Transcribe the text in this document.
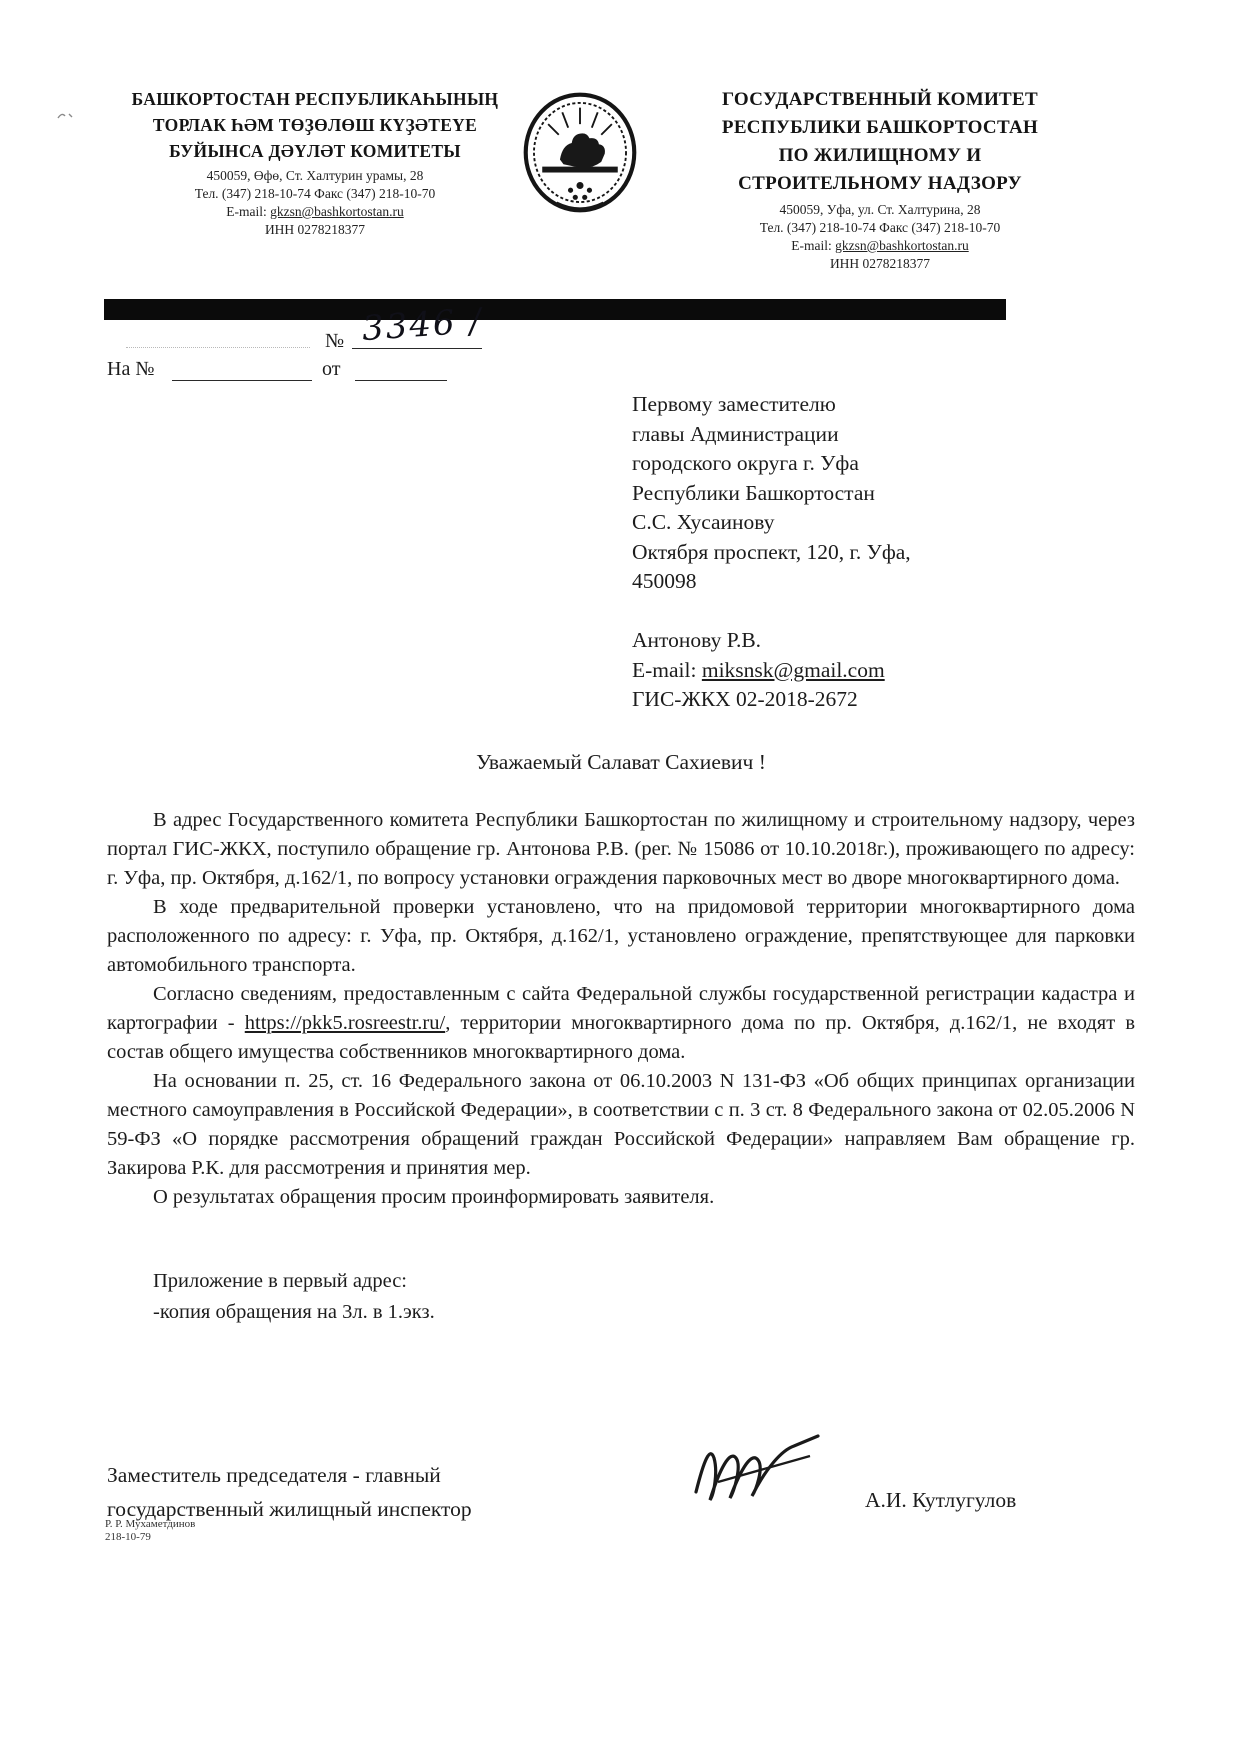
БАШКОРТОСТАН РЕСПУБЛИКАҺЫНЫҢ
ТОРЛАК ҺӘМ ТӨҘӨЛӨШ КҮҘӘТЕҮЕ
БУЙЫНСА ДӘҮЛӘТ КОМИТЕТЫ
450059, Өфө, Ст. Халтурин урамы, 28
Тел. (347) 218-10-74 Факс (347) 218-10-70
E-mail: gkzsn@bashkortostan.ru
ИНН 0278218377
ГОСУДАРСТВЕННЫЙ КОМИТЕТ
РЕСПУБЛИКИ БАШКОРТОСТАН
ПО ЖИЛИЩНОМУ И
СТРОИТЕЛЬНОМУ НАДЗОРУ
450059, Уфа, ул. Ст. Халтурина, 28
Тел. (347) 218-10-74 Факс (347) 218-10-70
E-mail: gkzsn@bashkortostan.ru
ИНН 0278218377
№ 3346 /
На №	от
Первому заместителю
главы Администрации
городского округа г. Уфа
Республики Башкортостан
С.С. Хусаинову
Октября проспект, 120, г. Уфа,
450098
Антонову Р.В.
E-mail: miksnsk@gmail.com
ГИС-ЖКХ 02-2018-2672
Уважаемый Салават Сахиевич !

В адрес Государственного комитета Республики Башкортостан по жилищному и строительному надзору, через портал ГИС-ЖКХ, поступило обращение гр. Антонова Р.В. (рег. № 15086 от 10.10.2018г.), проживающего по адресу: г. Уфа, пр. Октября, д.162/1, по вопросу установки ограждения парковочных мест во дворе многоквартирного дома.

В ходе предварительной проверки установлено, что на придомовой территории многоквартирного дома расположенного по адресу: г. Уфа, пр. Октября, д.162/1, установлено ограждение, препятствующее для парковки автомобильного транспорта.

Согласно сведениям, предоставленным с сайта Федеральной службы государственной регистрации кадастра и картографии - https://pkk5.rosreestr.ru/, территории многоквартирного дома по пр. Октября, д.162/1, не входят в состав общего имущества собственников многоквартирного дома.

На основании п. 25, ст. 16 Федерального закона от 06.10.2003 N 131-ФЗ «Об общих принципах организации местного самоуправления в Российской Федерации», в соответствии с п. 3 ст. 8 Федерального закона от 02.05.2006 N 59-ФЗ «О порядке рассмотрения обращений граждан Российской Федерации» направляем Вам обращение гр. Закирова Р.К. для рассмотрения и принятия мер.

О результатах обращения просим проинформировать заявителя.

Приложение в первый адрес:
-копия обращения на 3л. в 1.экз.
Заместитель председателя - главный
государственный жилищный инспектор	А.И. Кутлугулов
Р. Р. Мухаметдинов
218-10-79
